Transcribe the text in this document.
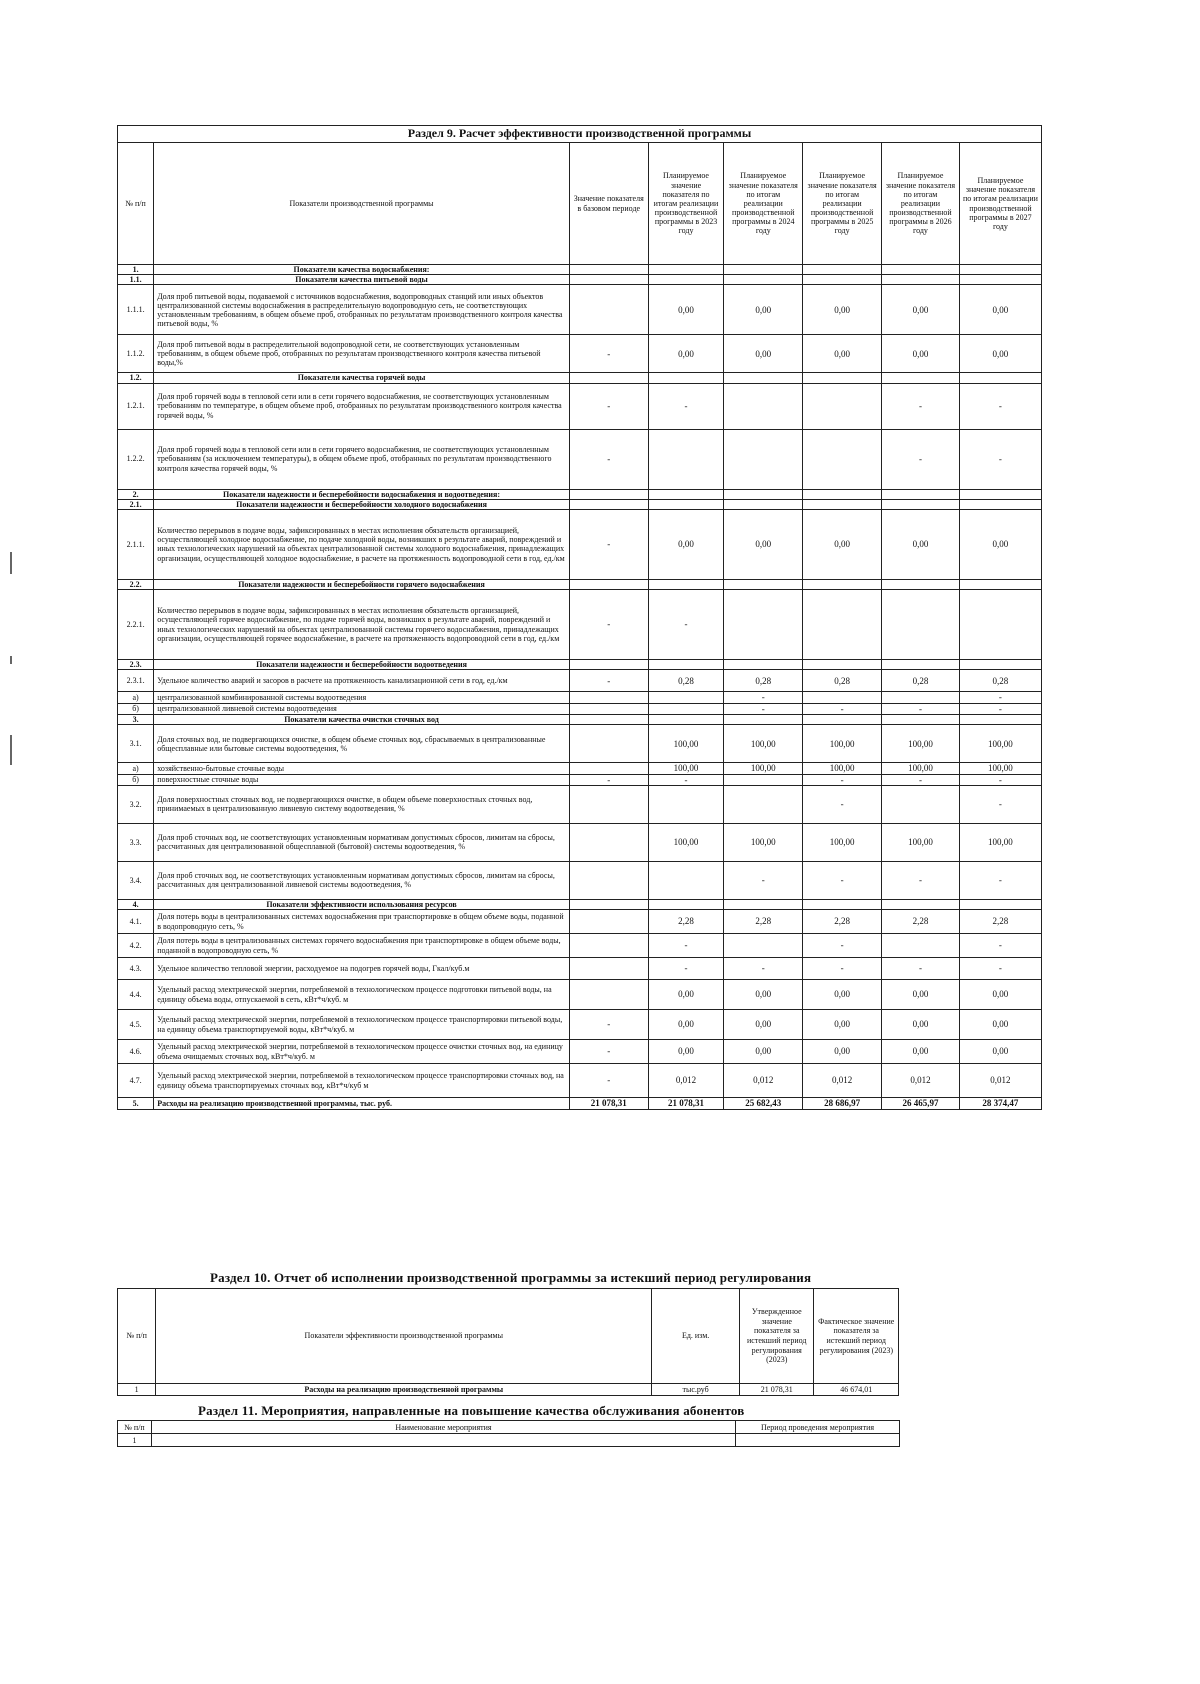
Раздел 9. Расчет эффективности производственной программы							
№ п/п	Показатели производственной программы	Значение показателя в базовом периоде	Планируемое значение показателя по итогам реализации производственной программы в 2023 году	Планируемое значение показателя по итогам реализации производственной программы в 2024 году	Планируемое значение показателя по итогам реализации производственной программы в 2025 году	Планируемое значение показателя по итогам реализации производственной программы в 2026 году	Планируемое значение показателя по итогам реализации производственной программы в 2027 году
1.	Показатели качества водоснабжения:						
1.1.	Показатели качества питьевой воды						
1.1.1.	Доля проб питьевой воды, подаваемой с источников водоснабжения, водопроводных станций или иных объектов централизованной системы водоснабжения в распределительную водопроводную сеть, не соответствующих установленным требованиям, в общем объеме проб, отобранных по результатам производственного контроля качества питьевой воды, %		0,00	0,00	0,00	0,00	0,00
1.1.2.	Доля проб питьевой воды в распределительной водопроводной сети, не соответствующих установленным требованиям, в общем объеме проб, отобранных по результатам производственного контроля качества питьевой воды,%	-	0,00	0,00	0,00	0,00	0,00
1.2.	Показатели качества горячей воды						
1.2.1.	Доля проб горячей воды в тепловой сети или в сети горячего водоснабжения, не соответствующих установленным требованиям по температуре, в общем объеме проб, отобранных по результатам производственного контроля качества горячей воды, %	-	-			-	-
1.2.2.	Доля проб горячей воды в тепловой сети или в сети горячего водоснабжения, не соответствующих установленным требованиям (за исключением температуры), в общем объеме проб, отобранных по результатам производственного контроля качества горячей воды, %	-				-	-
2.	Показатели надежности и бесперебойности водоснабжения и водоотведения:						
2.1.	Показатели надежности и бесперебойности холодного водоснабжения						
2.1.1.	Количество перерывов в подаче воды, зафиксированных в местах исполнения обязательств организацией, осуществляющей холодное водоснабжение, по подаче холодной воды, возникших в результате аварий, повреждений и иных технологических нарушений на объектах централизованной системы холодного водоснабжения, принадлежащих организации, осуществляющей холодное водоснабжение, в расчете на протяженность водопроводной сети в год, ед./км	-	0,00	0,00	0,00	0,00	0,00
2.2.	Показатели надежности и бесперебойности горячего водоснабжения						
2.2.1.	Количество перерывов в подаче воды, зафиксированных в местах исполнения обязательств организацией, осуществляющей горячее водоснабжение, по подаче горячей воды, возникших в результате аварий, повреждений и иных технологических нарушений на объектах централизованной системы горячего водоснабжения, принадлежащих организации, осуществляющей горячее водоснабжение, в расчете на протяженность водопроводной сети в год, ед./км	-	-				
2.3.	Показатели надежности и бесперебойности водоотведения						
2.3.1.	Удельное количество аварий и засоров в расчете на протяженность канализационной сети в год, ед./км	-	0,28	0,28	0,28	0,28	0,28
а)	централизованной комбинированной системы водоотведения			-			-
б)	централизованной ливневой системы водоотведения			-	-	-	-
3.	Показатели качества очистки сточных вод						
3.1.	Доля сточных вод, не подвергающихся очистке, в общем объеме сточных вод, сбрасываемых в централизованные общесплавные или бытовые системы водоотведения, %		100,00	100,00	100,00	100,00	100,00
а)	хозяйственно-бытовые сточные воды		100,00	100,00	100,00	100,00	100,00
б)	поверхностные сточные воды	-	-		-	-	-
3.2.	Доля поверхностных сточных вод, не подвергающихся очистке, в общем объеме поверхностных сточных вод, принимаемых в централизованную ливневую систему водоотведения, %				-		-
3.3.	Доля проб сточных вод, не соответствующих установленным нормативам допустимых сбросов, лимитам на сбросы, рассчитанных для централизованной общесплавной (бытовой) системы водоотведения, %		100,00	100,00	100,00	100,00	100,00
3.4.	Доля проб сточных вод, не соответствующих установленным нормативам допустимых сбросов, лимитам на сбросы, рассчитанных для централизованной ливневой системы водоотведения, %			-	-	-	-
4.	Показатели эффективности использования ресурсов						
4.1.	Доля потерь воды в централизованных системах водоснабжения при транспортировке в общем объеме воды, поданной в водопроводную сеть, %		2,28	2,28	2,28	2,28	2,28
4.2.	Доля потерь воды в централизованных системах горячего водоснабжения при транспортировке в общем объеме воды, поданной в водопроводную сеть, %		-		-		-
4.3.	Удельное количество тепловой энергии, расходуемое на подогрев горячей воды, Гкал/куб.м		-	-	-	-	-
4.4.	Удельный расход электрической энергии, потребляемой в технологическом процессе подготовки питьевой воды, на единицу объема воды, отпускаемой в сеть, кВт*ч/куб. м		0,00	0,00	0,00	0,00	0,00
4.5.	Удельный расход электрической энергии, потребляемой в технологическом процессе транспортировки питьевой воды, на единицу объема транспортируемой воды, кВт*ч/куб. м	-	0,00	0,00	0,00	0,00	0,00
4.6.	Удельный расход электрической энергии, потребляемой в технологическом процессе очистки сточных вод, на единицу объема очищаемых сточных вод, кВт*ч/куб. м	-	0,00	0,00	0,00	0,00	0,00
4.7.	Удельный расход электрической энергии, потребляемой в технологическом процессе транспортировки сточных вод, на единицу объема транспортируемых сточных вод, кВт*ч/куб м	-	0,012	0,012	0,012	0,012	0,012
5.	Расходы на реализацию производственной программы, тыс. руб.	21 078,31	21 078,31	25 682,43	28 686,97	26 465,97	28 374,47
Раздел 10. Отчет об исполнении производственной программы за истекший период регулирования
№ п/п	Показатели эффективности производственной программы	Ед. изм.	Утвержденное значение показателя за истекший период регулирования (2023)	Фактическое значение показателя за истекший период регулирования (2023)
1	Расходы на реализацию производственной программы	тыс.руб	21 078,31	46 674,01
Раздел 11. Мероприятия, направленные на повышение качества обслуживания абонентов
№ п/п	Наименование мероприятия	Период проведения мероприятия
1		
